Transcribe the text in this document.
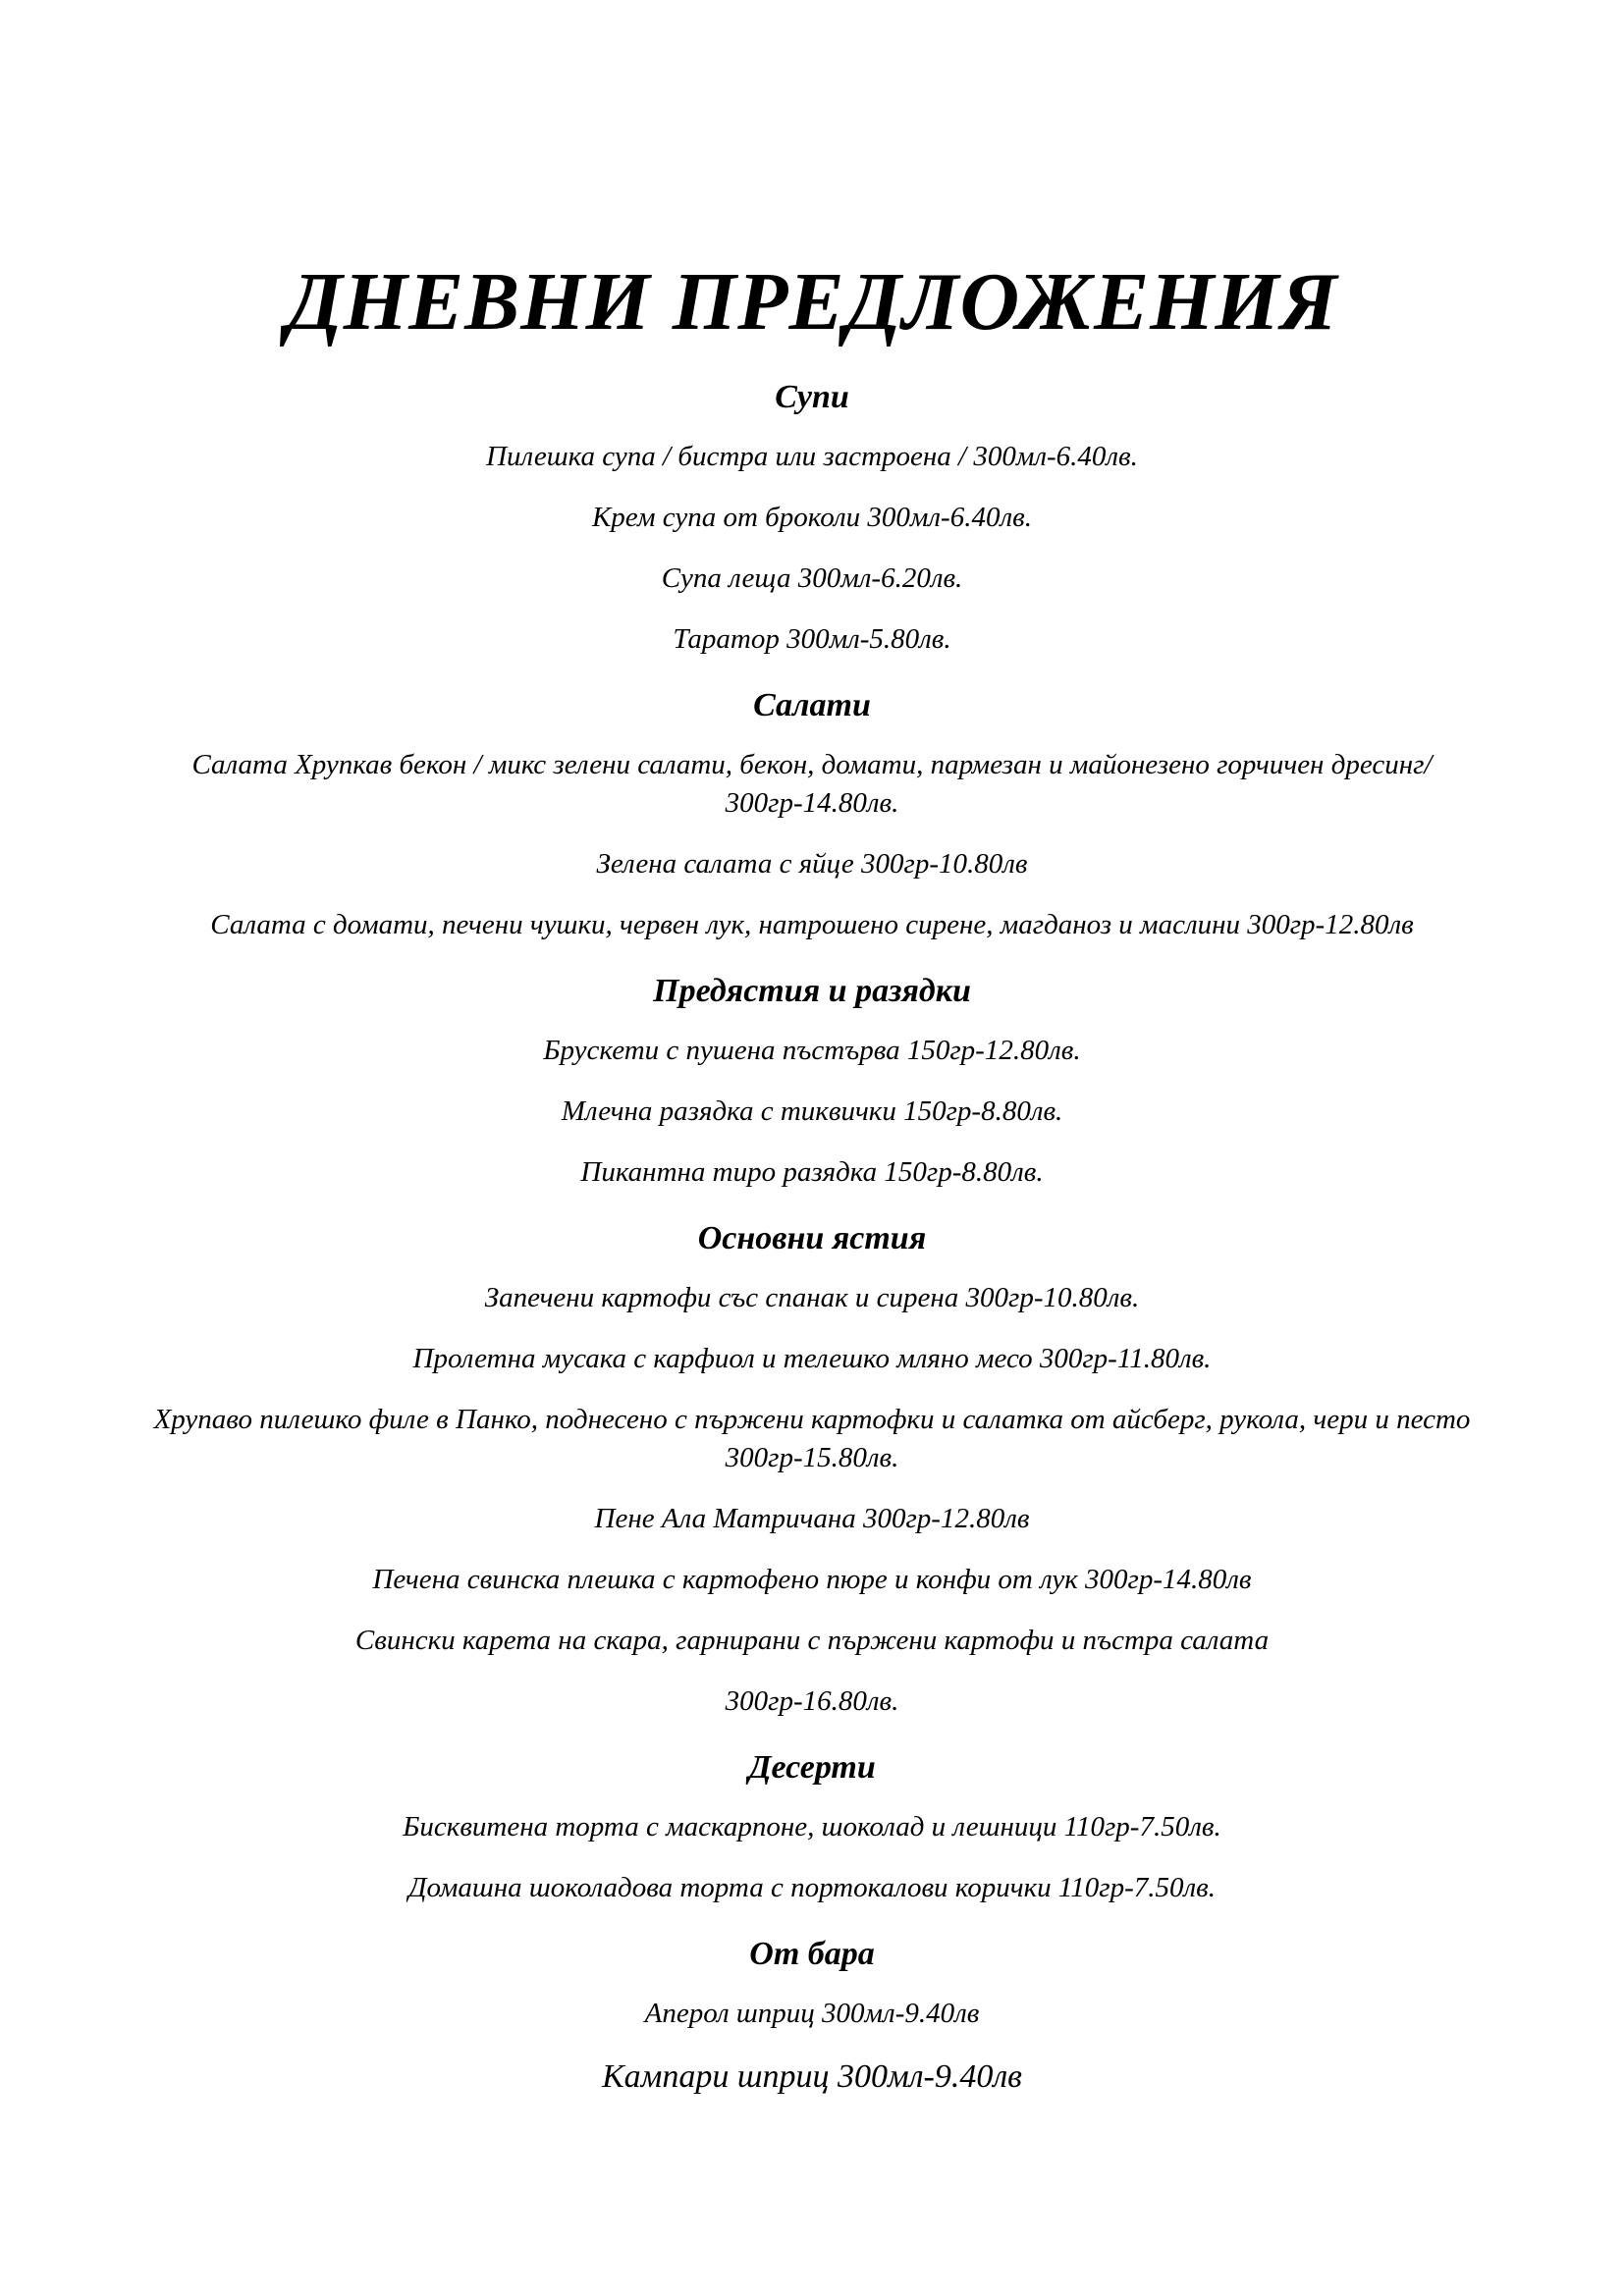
ДНЕВНИ ПРЕДЛОЖЕНИЯ
Супи

Пилешка супа / бистра или застроена / 300мл-6.40лв.

Крем супа от броколи 300мл-6.40лв.

Супа леща 300мл-6.20лв.

Таратор 300мл-5.80лв.

Салати

Салата Хрупкав бекон / микс зелени салати, бекон, домати, пармезан и майонезено горчичен дресинг/ 300гр-14.80лв.

Зелена салата с яйце 300гр-10.80лв

Салата с домати, печени чушки, червен лук, натрошено сирене, магданоз и маслини 300гр-12.80лв

Предястия и разядки

Брускети с пушена пъстърва 150гр-12.80лв.

Млечна разядка с тиквички 150гр-8.80лв.

Пикантна тиро разядка 150гр-8.80лв.

Основни ястия

Запечени картофи със спанак и сирена 300гр-10.80лв.

Пролетна мусака с карфиол и телешко мляно месо 300гр-11.80лв.

Хрупаво пилешко филе в Панко, поднесено с пържени картофки и салатка от айсберг, рукола, чери и песто 300гр-15.80лв.

Пене Ала Матричана 300гр-12.80лв

Печена свинска плешка с картофено пюре и конфи от лук 300гр-14.80лв

Свински карета на скара, гарнирани с пържени картофи и пъстра салата

300гр-16.80лв.

Десерти

Бисквитена торта с маскарпоне, шоколад и лешници 110гр-7.50лв.

Домашна шоколадова торта с портокалови корички 110гр-7.50лв.

От бара

Аперол шприц 300мл-9.40лв

Кампари шприц 300мл-9.40лв
